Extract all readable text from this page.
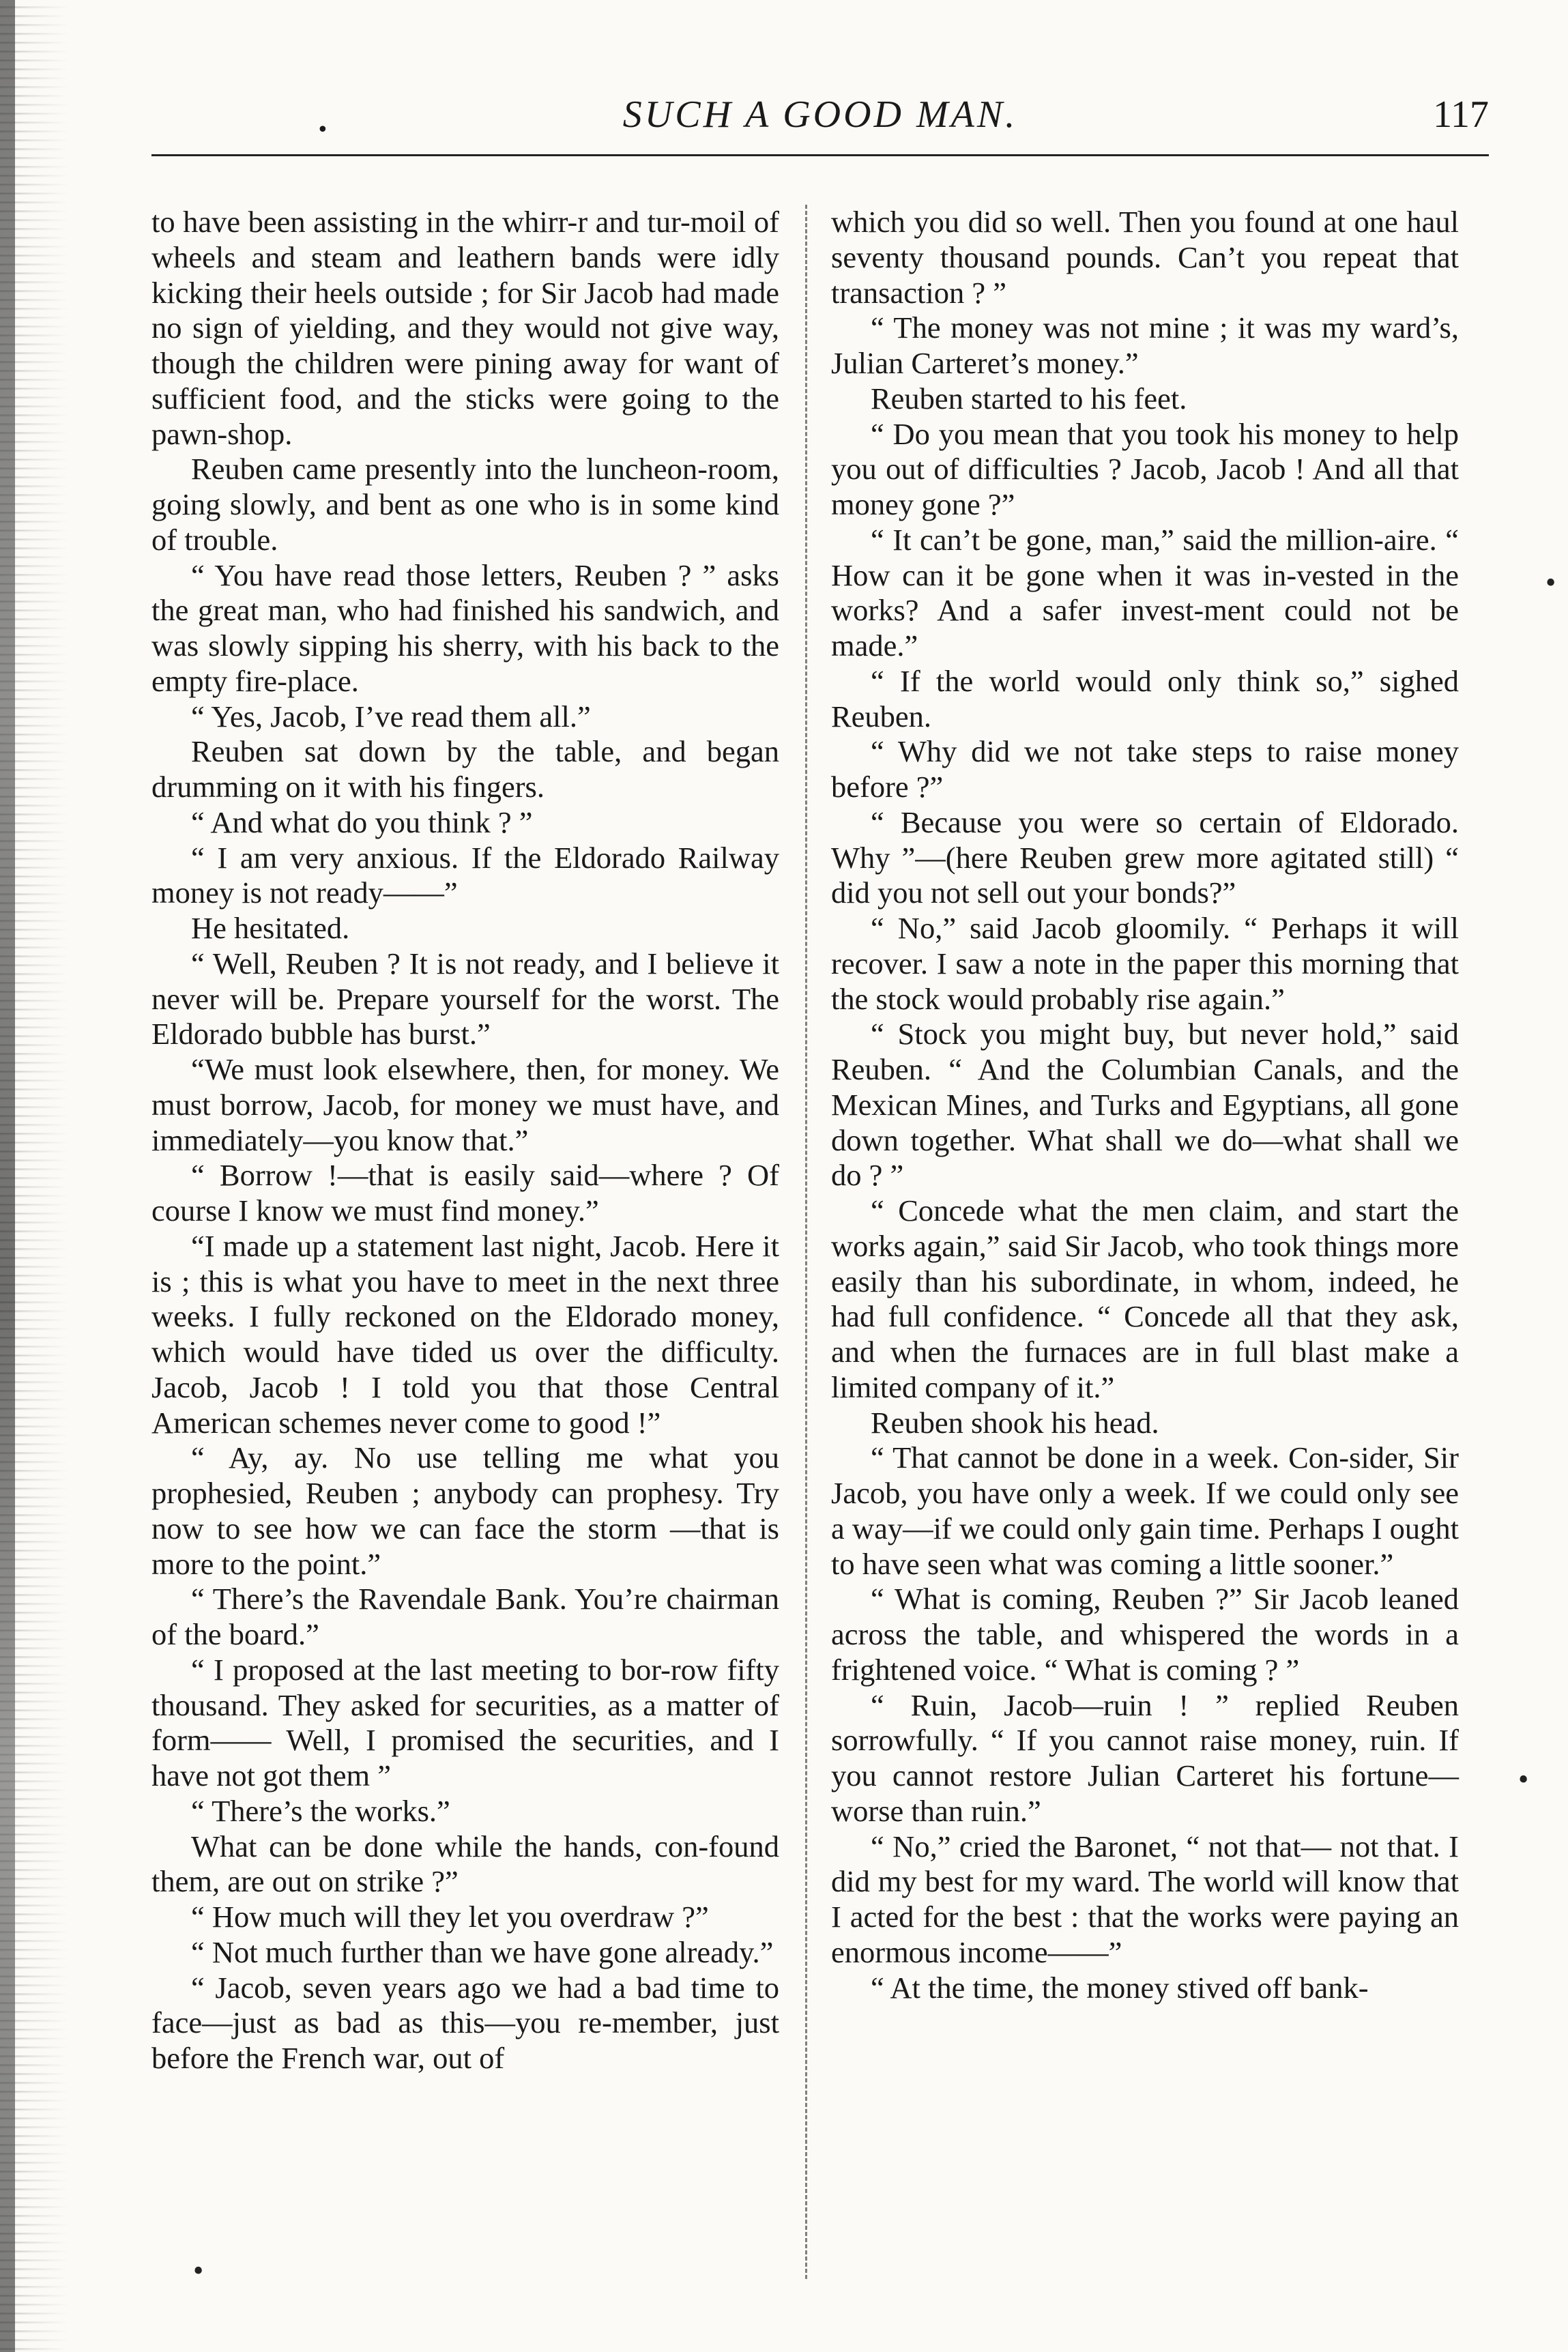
•	SUCH A GOOD MAN.	117

to have been assisting in the whirr-r and tur-moil of wheels and steam and leathern bands were idly kicking their heels outside ; for Sir Jacob had made no sign of yielding, and they would not give way, though the children were pining away for want of sufficient food, and the sticks were going to the pawn-shop.

Reuben came presently into the luncheon-room, going slowly, and bent as one who is in some kind of trouble.

“ You have read those letters, Reuben ? ” asks the great man, who had finished his sandwich, and was slowly sipping his sherry, with his back to the empty fire-place.

“ Yes, Jacob, I’ve read them all.”

Reuben sat down by the table, and began drumming on it with his fingers.

“ And what do you think ? ”

“ I am very anxious. If the Eldorado Railway money is not ready——”

He hesitated.

“ Well, Reuben ? It is not ready, and I believe it never will be. Prepare yourself for the worst. The Eldorado bubble has burst.”

“We must look elsewhere, then, for money. We must borrow, Jacob, for money we must have, and immediately—you know that.”

“ Borrow !—that is easily said—where ? Of course I know we must find money.”

“I made up a statement last night, Jacob. Here it is ; this is what you have to meet in the next three weeks. I fully reckoned on the Eldorado money, which would have tided us over the difficulty. Jacob, Jacob ! I told you that those Central American schemes never come to good !”

“ Ay, ay. No use telling me what you prophesied, Reuben ; anybody can prophesy. Try now to see how we can face the storm —that is more to the point.”

“ There’s the Ravendale Bank. You’re chairman of the board.”

“ I proposed at the last meeting to bor-row fifty thousand. They asked for securities, as a matter of form—— Well, I promised the securities, and I have not got them ”

“ There’s the works.”

What can be done while the hands, con-found them, are out on strike ?”

“ How much will they let you overdraw ?”

“ Not much further than we have gone already.”

“ Jacob, seven years ago we had a bad time to face—just as bad as this—you re-member, just before the French war, out of

which you did so well. Then you found at one haul seventy thousand pounds. Can’t you repeat that transaction ? ”

“ The money was not mine ; it was my ward’s, Julian Carteret’s money.”

Reuben started to his feet.

“ Do you mean that you took his money to help you out of difficulties ? Jacob, Jacob ! And all that money gone ?”

“ It can’t be gone, man,” said the million-aire. “ How can it be gone when it was in-vested in the works? And a safer invest-ment could not be made.”

“ If the world would only think so,” sighed Reuben.

“ Why did we not take steps to raise money before ?”

“ Because you were so certain of Eldorado. Why ”—(here Reuben grew more agitated still) “ did you not sell out your bonds?”

“ No,” said Jacob gloomily. “ Perhaps it will recover. I saw a note in the paper this morning that the stock would probably rise again.”

“ Stock you might buy, but never hold,” said Reuben. “ And the Columbian Canals, and the Mexican Mines, and Turks and Egyptians, all gone down together. What shall we do—what shall we do ? ”

“ Concede what the men claim, and start the works again,” said Sir Jacob, who took things more easily than his subordinate, in whom, indeed, he had full confidence. “ Concede all that they ask, and when the furnaces are in full blast make a limited company of it.”

Reuben shook his head.

“ That cannot be done in a week. Con-sider, Sir Jacob, you have only a week. If we could only see a way—if we could only gain time. Perhaps I ought to have seen what was coming a little sooner.”

“ What is coming, Reuben ?” Sir Jacob leaned across the table, and whispered the words in a frightened voice. “ What is coming ? ”

“ Ruin, Jacob—ruin ! ” replied Reuben sorrowfully. “ If you cannot raise money, ruin. If you cannot restore Julian Carteret his fortune—worse than ruin.”

“ No,” cried the Baronet, “ not that— not that. I did my best for my ward. The world will know that I acted for the best : that the works were paying an enormous income——”

“ At the time, the money stived off bank-

•
•
•
